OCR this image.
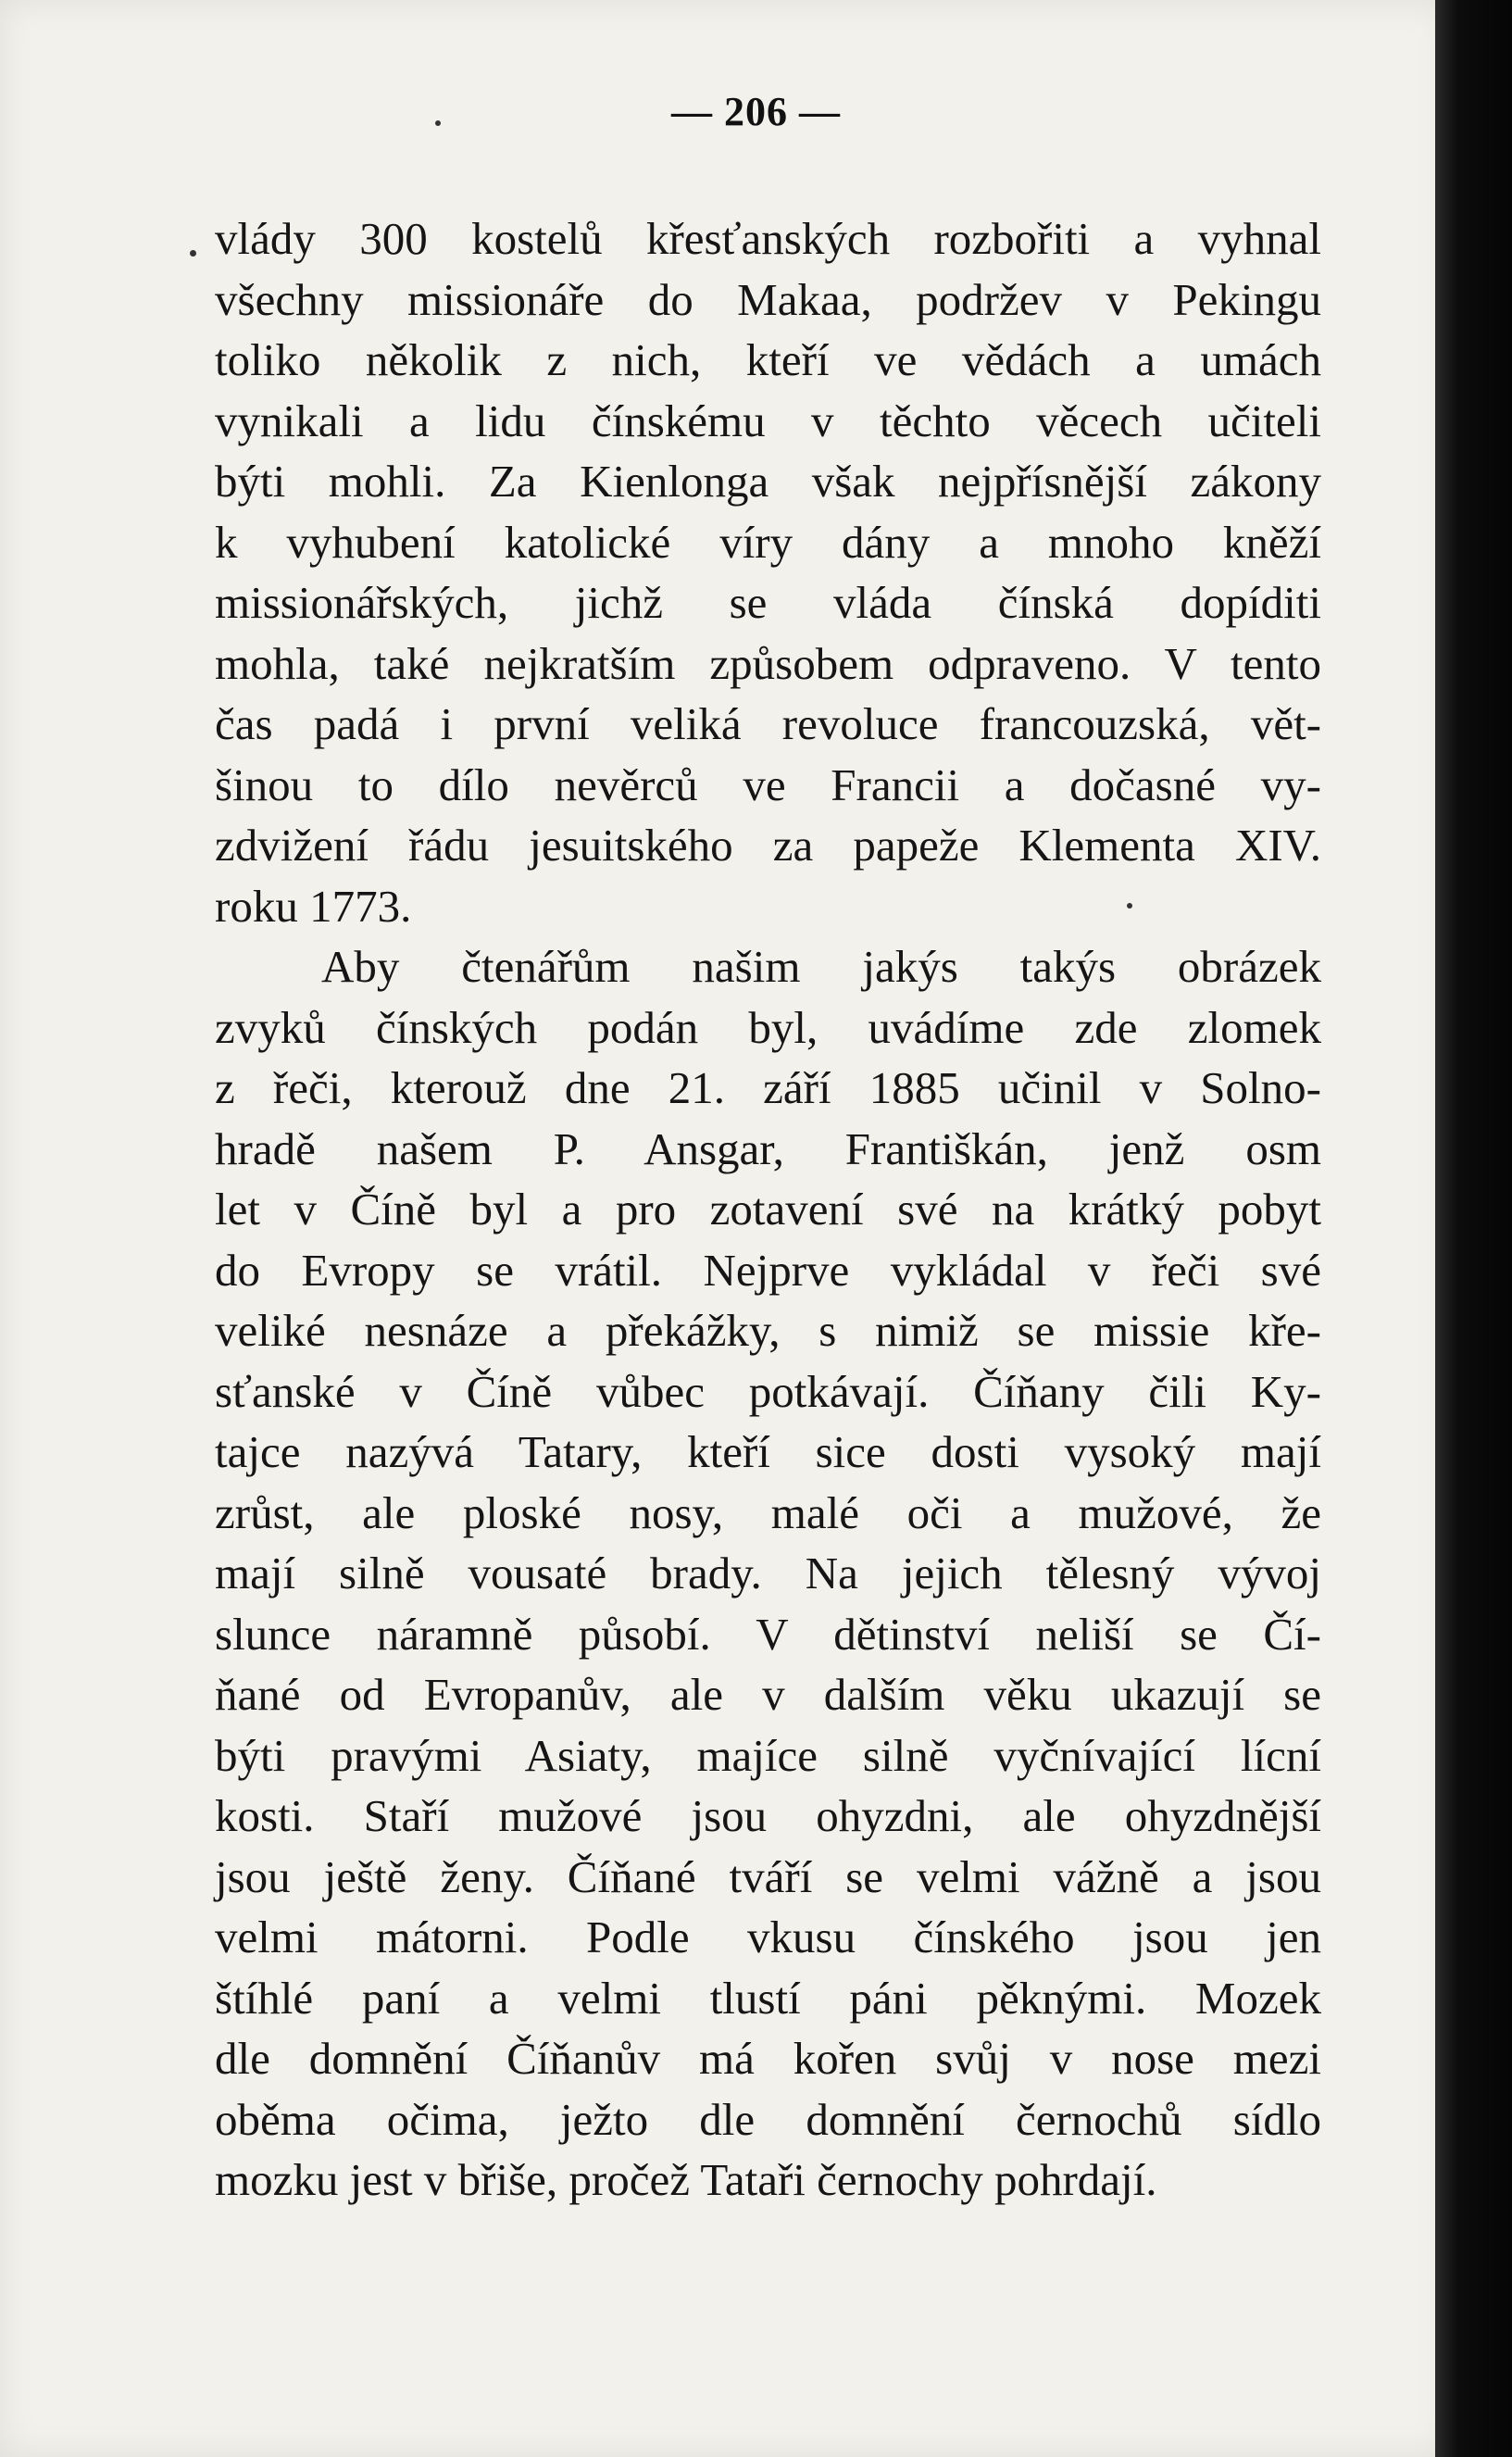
— 206 —
vlády 300 kostelů křesťanských rozbořiti a vyhnal
všechny missionáře do Makaa, podržev v Pekingu
toliko několik z nich, kteří ve vědách a umách
vynikali a lidu čínskému v těchto věcech učiteli
býti mohli. Za Kienlonga však nejpřísnější zákony
k vyhubení katolické víry dány a mnoho kněží
missionářských, jichž se vláda čínská dopíditi
mohla, také nejkratším způsobem odpraveno. V tento
čas padá i první veliká revoluce francouzská, vět-
šinou to dílo nevěrců ve Francii a dočasné vy-
zdvižení řádu jesuitského za papeže Klementa XIV.
roku 1773.
Aby čtenářům našim jakýs takýs obrázek
zvyků čínských podán byl, uvádíme zde zlomek
z řeči, kterouž dne 21. září 1885 učinil v Solno-
hradě našem P. Ansgar, Františkán, jenž osm
let v Číně byl a pro zotavení své na krátký pobyt
do Evropy se vrátil. Nejprve vykládal v řeči své
veliké nesnáze a překážky, s nimiž se missie kře-
sťanské v Číně vůbec potkávají. Číňany čili Ky-
tajce nazývá Tatary, kteří sice dosti vysoký mají
zrůst, ale ploské nosy, malé oči a mužové, že
mají silně vousaté brady. Na jejich tělesný vývoj
slunce náramně působí. V dětinství neliší se Čí-
ňané od Evropanův, ale v dalším věku ukazují se
býti pravými Asiaty, majíce silně vyčnívající lícní
kosti. Staří mužové jsou ohyzdni, ale ohyzdnější
jsou ještě ženy. Číňané tváří se velmi vážně a jsou
velmi mátorni. Podle vkusu čínského jsou jen
štíhlé paní a velmi tlustí páni pěknými. Mozek
dle domnění Číňanův má kořen svůj v nose mezi
oběma očima, ježto dle domnění černochů sídlo
mozku jest v břiše, pročež Tataři černochy pohrdají.
